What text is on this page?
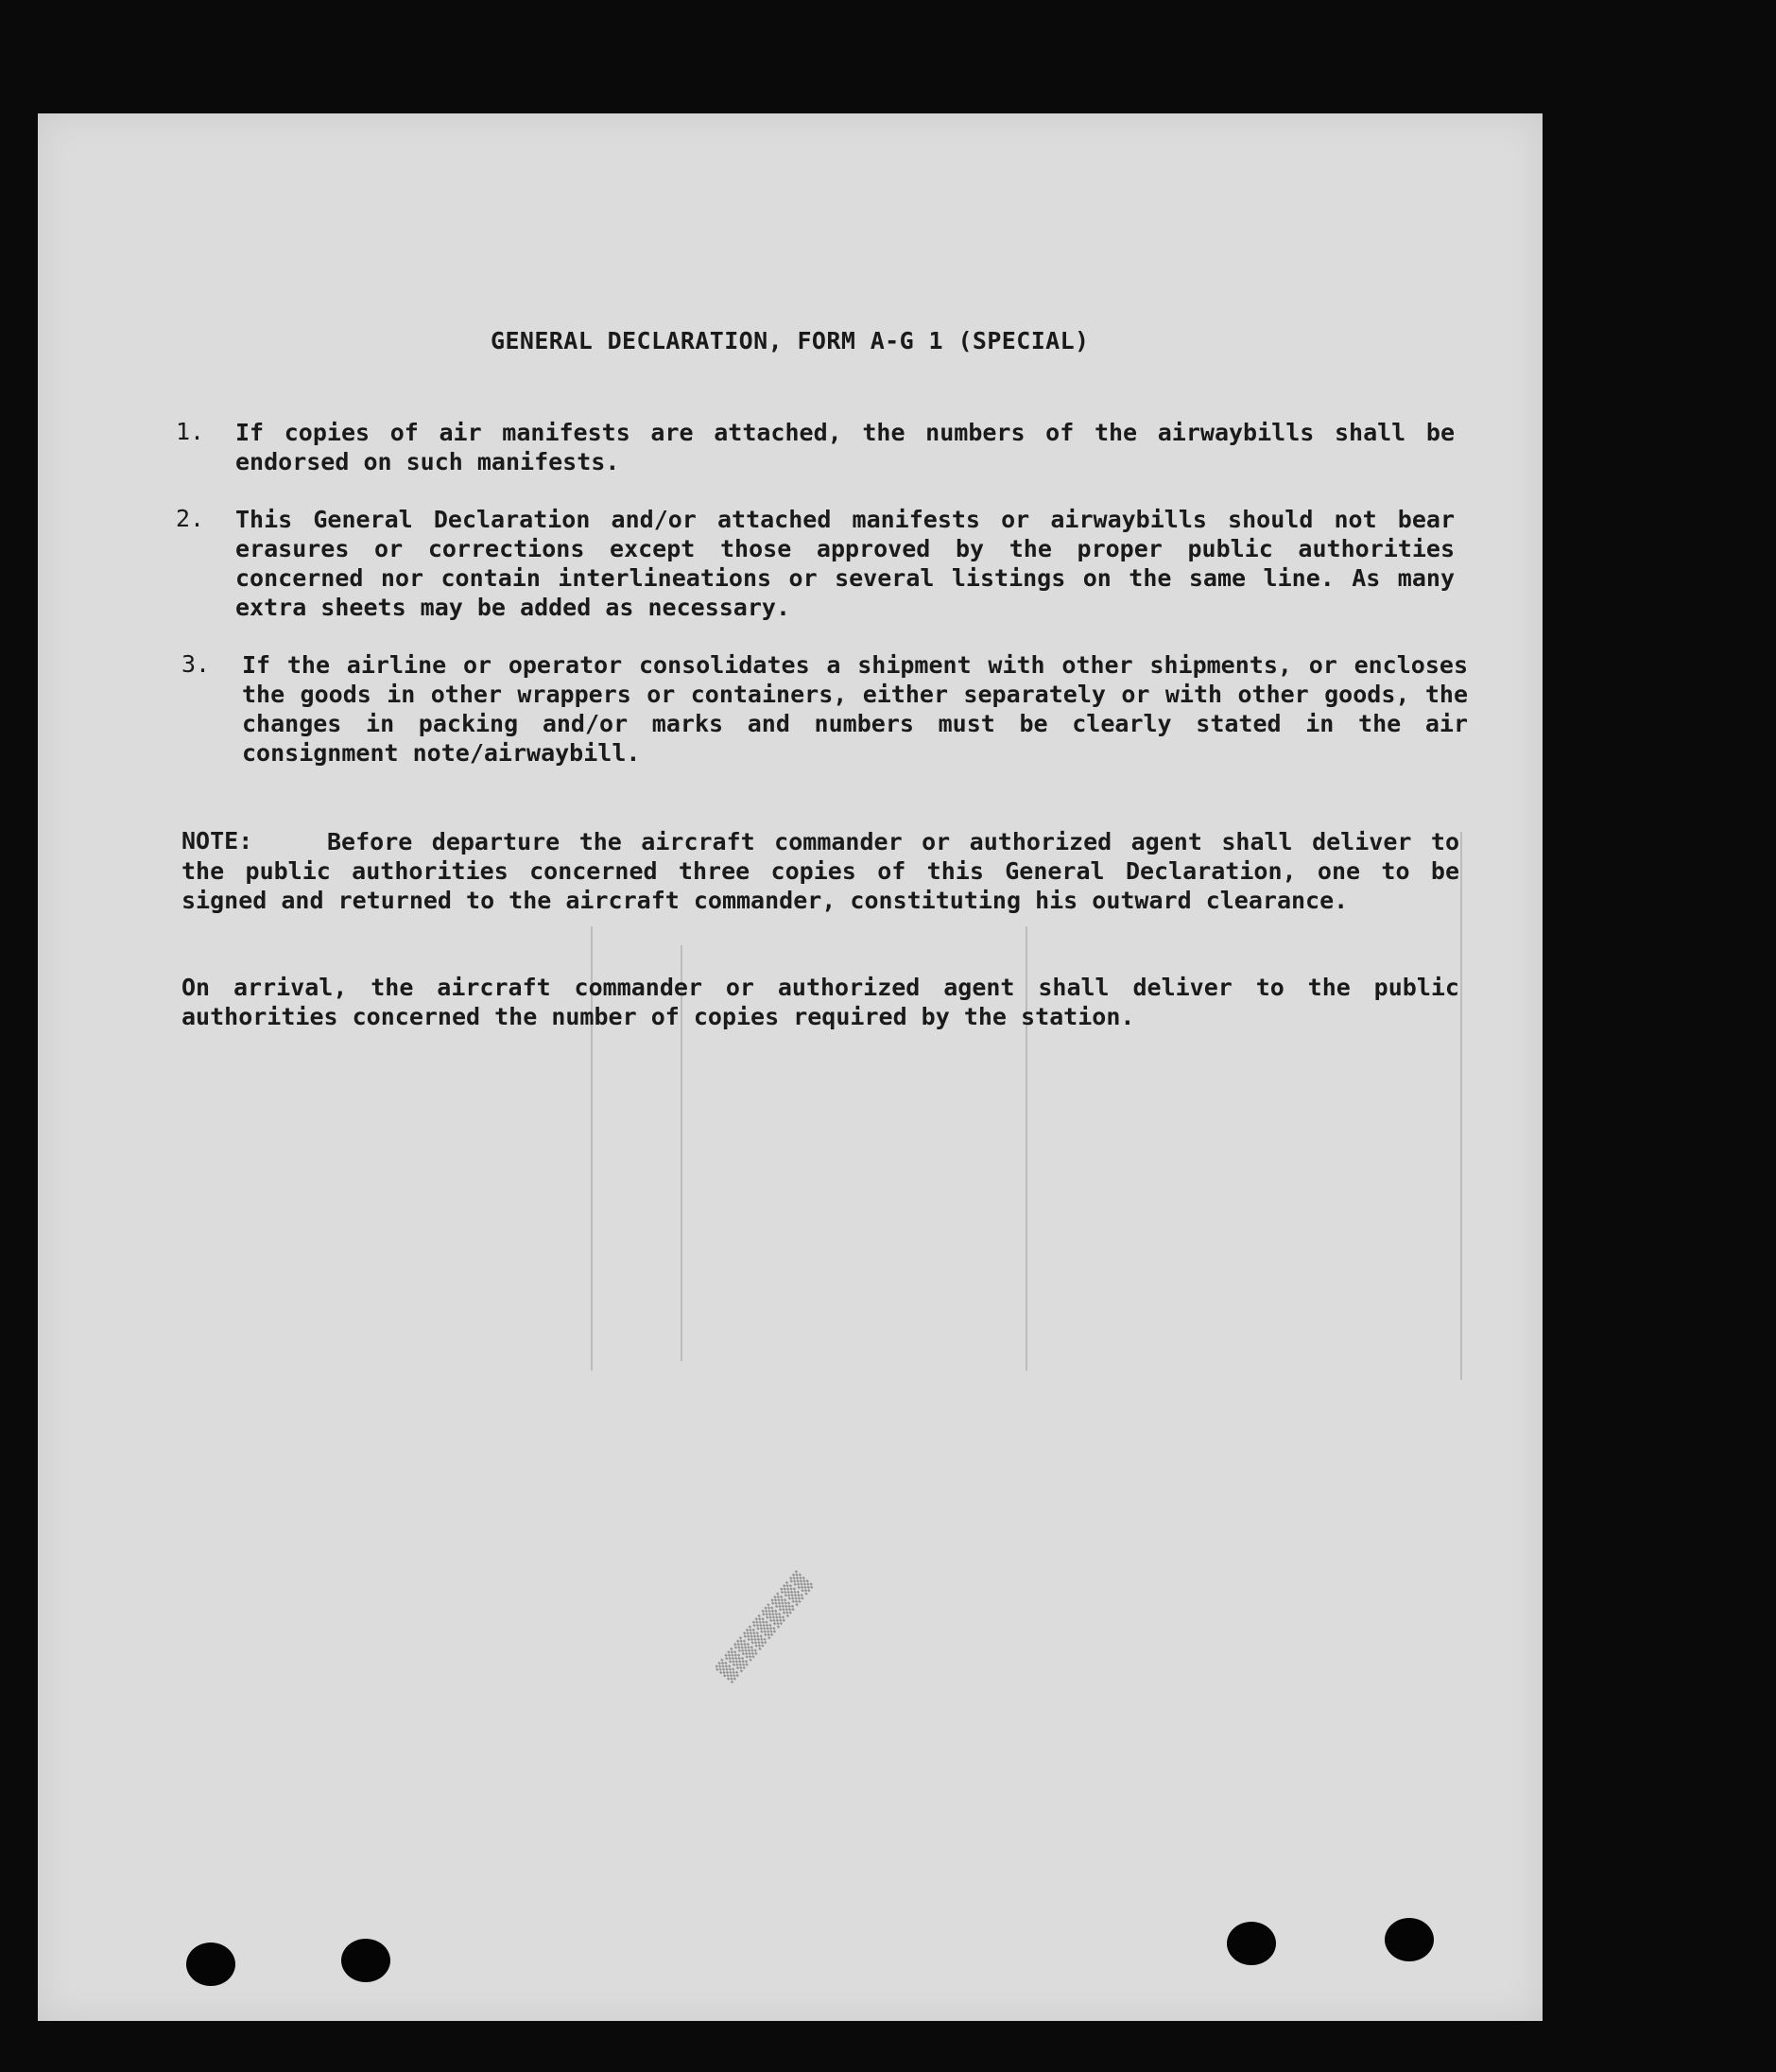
▒▒▒▒▒▒▒▒▒
GENERAL DECLARATION, FORM A-G 1 (SPECIAL)
1. If copies of air manifests are attached, the numbers of the airwaybills shall be endorsed on such manifests.
2. This General Declaration and/or attached manifests or airwaybills should not bear erasures or corrections except those approved by the proper public authorities concerned nor contain interlineations or several listings on the same line. As many extra sheets may be added as necessary.
3. If the airline or operator consolidates a shipment with other shipments, or encloses the goods in other wrappers or containers, either separately or with other goods, the changes in packing and/or marks and numbers must be clearly stated in the air consignment note/airwaybill.
NOTE:	Before departure the aircraft commander or authorized agent shall deliver to the public authorities concerned three copies of this General Declaration, one to be signed and returned to the aircraft commander, constituting his outward clearance.
On arrival, the aircraft commander or authorized agent shall deliver to the public authorities concerned the number of copies required by the station.
